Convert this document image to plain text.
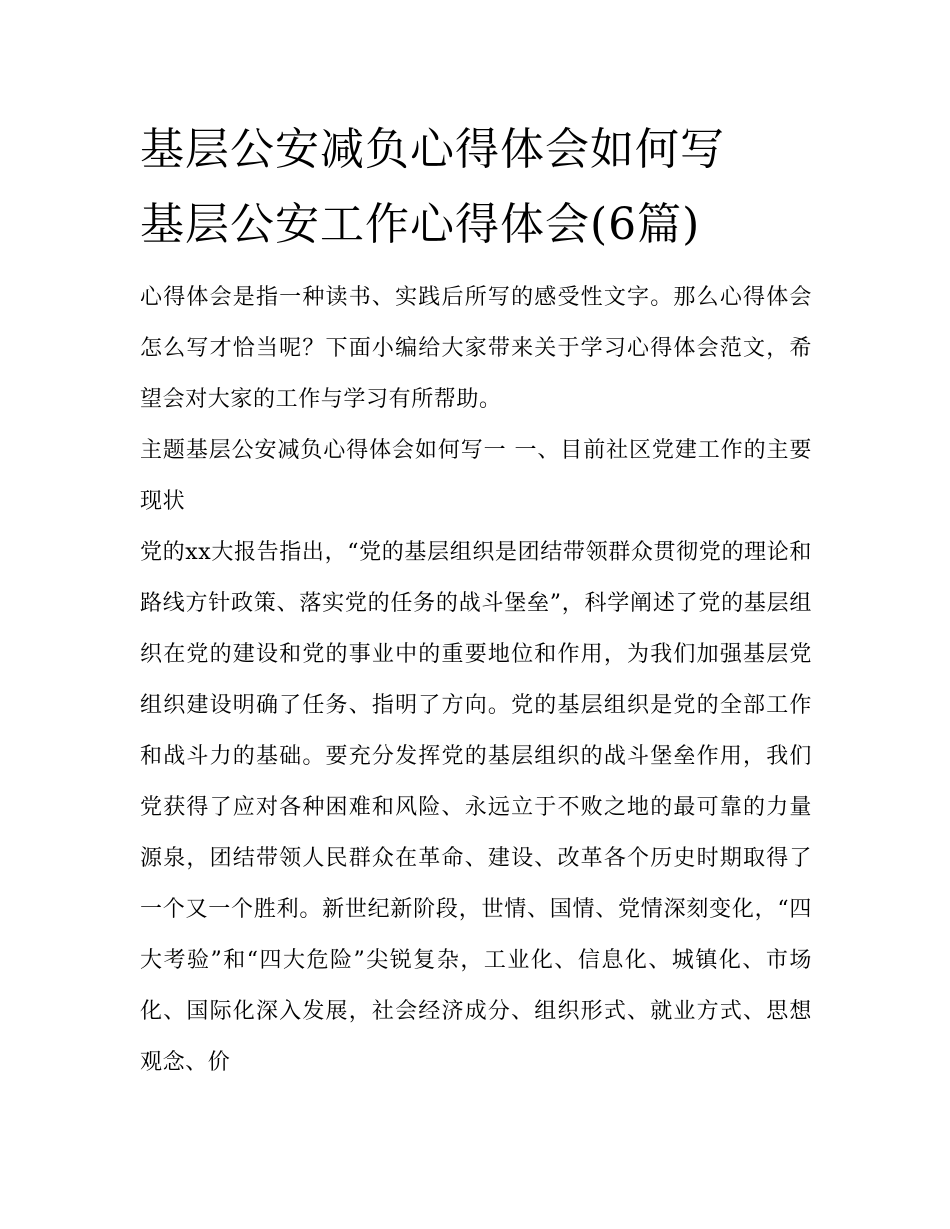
基层公安减负心得体会如何写
基层公安工作心得体会(6篇)

心得体会是指一种读书、实践后所写的感受性文字。那么心得体会怎么写才恰当呢？下面小编给大家带来关于学习心得体会范文，希望会对大家的工作与学习有所帮助。

主题基层公安减负心得体会如何写一 一、目前社区党建工作的主要现状

党的xx大报告指出，“党的基层组织是团结带领群众贯彻党的理论和路线方针政策、落实党的任务的战斗堡垒”，科学阐述了党的基层组织在党的建设和党的事业中的重要地位和作用，为我们加强基层党组织建设明确了任务、指明了方向。党的基层组织是党的全部工作和战斗力的基础。要充分发挥党的基层组织的战斗堡垒作用，我们党获得了应对各种困难和风险、永远立于不败之地的最可靠的力量源泉，团结带领人民群众在革命、建设、改革各个历史时期取得了一个又一个胜利。新世纪新阶段，世情、国情、党情深刻变化，“四大考验”和“四大危险”尖锐复杂，工业化、信息化、城镇化、市场化、国际化深入发展，社会经济成分、组织形式、就业方式、思想观念、价
